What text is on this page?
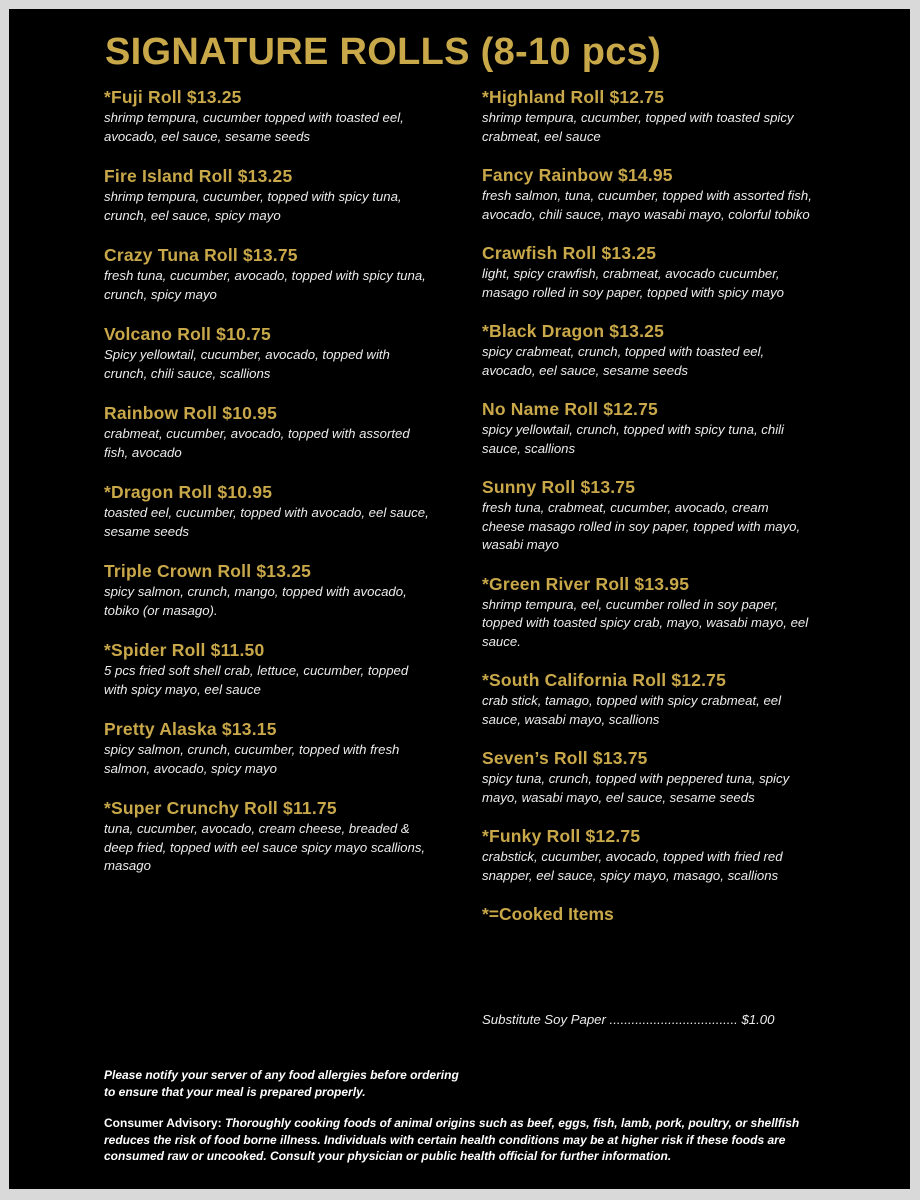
SIGNATURE ROLLS (8-10 pcs)
*Fuji Roll $13.25
shrimp tempura, cucumber topped with toasted eel, avocado, eel sauce, sesame seeds
Fire Island Roll $13.25
shrimp tempura, cucumber, topped with spicy tuna, crunch, eel sauce, spicy mayo
Crazy Tuna Roll $13.75
fresh tuna, cucumber, avocado, topped with spicy tuna, crunch, spicy mayo
Volcano Roll $10.75
Spicy yellowtail, cucumber, avocado, topped with crunch, chili sauce, scallions
Rainbow Roll $10.95
crabmeat, cucumber, avocado, topped with assorted fish, avocado
*Dragon Roll $10.95
toasted eel, cucumber, topped with avocado, eel sauce, sesame seeds
Triple Crown Roll $13.25
spicy salmon, crunch, mango, topped with avocado, tobiko (or masago).
*Spider Roll $11.50
5 pcs fried soft shell crab, lettuce, cucumber, topped with spicy mayo, eel sauce
Pretty Alaska $13.15
spicy salmon, crunch, cucumber, topped with fresh salmon, avocado, spicy mayo
*Super Crunchy Roll $11.75
tuna, cucumber, avocado, cream cheese, breaded & deep fried, topped with eel sauce spicy mayo scallions, masago
*Highland Roll $12.75
shrimp tempura, cucumber, topped with toasted spicy crabmeat, eel sauce
Fancy Rainbow $14.95
fresh salmon, tuna, cucumber, topped with assorted fish, avocado, chili sauce, mayo wasabi mayo, colorful tobiko
Crawfish Roll $13.25
light, spicy crawfish, crabmeat, avocado cucumber, masago rolled in soy paper, topped with spicy mayo
*Black Dragon $13.25
spicy crabmeat, crunch, topped with toasted eel, avocado, eel sauce, sesame seeds
No Name Roll $12.75
spicy yellowtail, crunch, topped with spicy tuna, chili sauce, scallions
Sunny Roll $13.75
fresh tuna, crabmeat, cucumber, avocado, cream cheese masago rolled in soy paper, topped with mayo, wasabi mayo
*Green River Roll $13.95
shrimp tempura, eel, cucumber rolled in soy paper, topped with toasted spicy crab, mayo, wasabi mayo, eel sauce.
*South California Roll $12.75
crab stick, tamago, topped with spicy crabmeat, eel sauce, wasabi mayo, scallions
Seven’s Roll $13.75
spicy tuna, crunch, topped with peppered tuna, spicy mayo, wasabi mayo, eel sauce, sesame seeds
*Funky Roll $12.75
crabstick, cucumber, avocado, topped with fried red snapper, eel sauce, spicy mayo, masago, scallions
*=Cooked Items
Substitute Soy Paper ................................... $1.00
Please notify your server of any food allergies before ordering to ensure that your meal is prepared properly.
Consumer Advisory: Thoroughly cooking foods of animal origins such as beef, eggs, fish, lamb, pork, poultry, or shellfish reduces the risk of food borne illness. Individuals with certain health conditions may be at higher risk if these foods are consumed raw or uncooked. Consult your physician or public health official for further information.
